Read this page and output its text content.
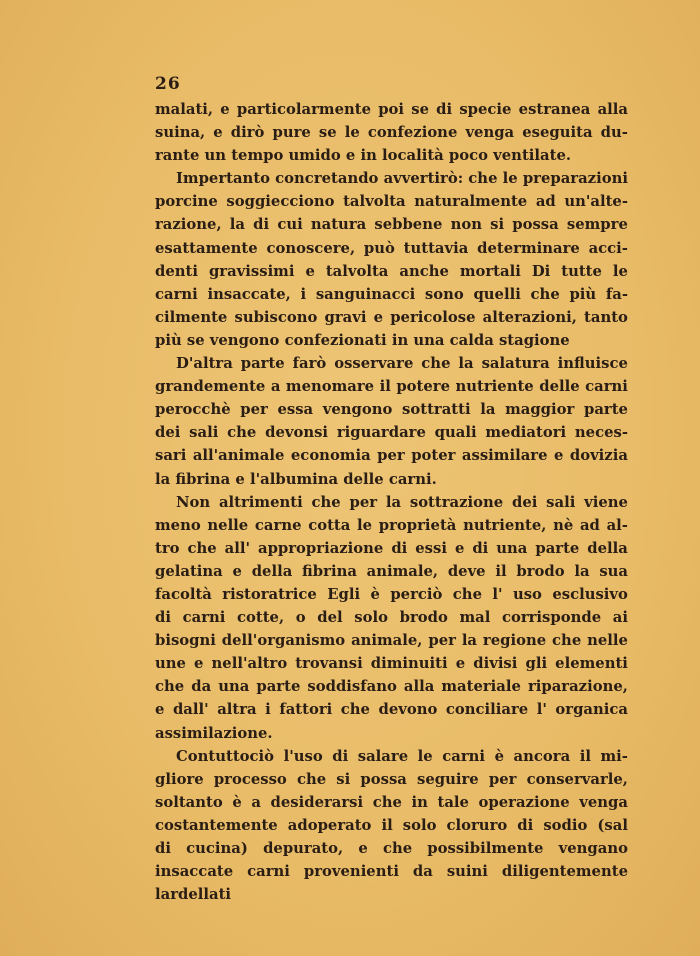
26
malati, e particolarmente poi se di specie estranea alla
suina, e dirò pure se le confezione venga eseguita du-
rante un tempo umido e in località poco ventilate.
Impertanto concretando avvertirò: che le preparazioni
porcine soggiecciono talvolta naturalmente ad un'alte-
razione, la di cui natura sebbene non si possa sempre
esattamente conoscere, può tuttavia determinare acci-
denti gravissimi e talvolta anche mortali Di tutte le
carni insaccate, i sanguinacci sono quelli che più fa-
cilmente subiscono gravi e pericolose alterazioni, tanto
più se vengono confezionati in una calda stagione
D'altra parte farò osservare che la salatura influisce
grandemente a menomare il potere nutriente delle carni
perocchè per essa vengono sottratti la maggior parte
dei sali che devonsi riguardare quali mediatori neces-
sari all'animale economia per poter assimilare e dovizia
la fibrina e l'albumina delle carni.
Non altrimenti che per la sottrazione dei sali viene
meno nelle carne cotta le proprietà nutriente, nè ad al-
tro che all' appropriazione di essi e di una parte della
gelatina e della fibrina animale, deve il brodo la sua
facoltà ristoratrice Egli è perciò che l' uso esclusivo
di carni cotte, o del solo brodo mal corrisponde ai
bisogni dell'organismo animale, per la regione che nelle
une e nell'altro trovansi diminuiti e divisi gli elementi
che da una parte soddisfano alla materiale riparazione,
e dall' altra i fattori che devono conciliare l' organica
assimilazione.
Contuttociò l'uso di salare le carni è ancora il mi-
gliore processo che si possa seguire per conservarle,
soltanto è a desiderarsi che in tale operazione venga
costantemente adoperato il solo cloruro di sodio (sal
di cucina) depurato, e che possibilmente vengano
insaccate carni provenienti da suini diligentemente
lardellati
